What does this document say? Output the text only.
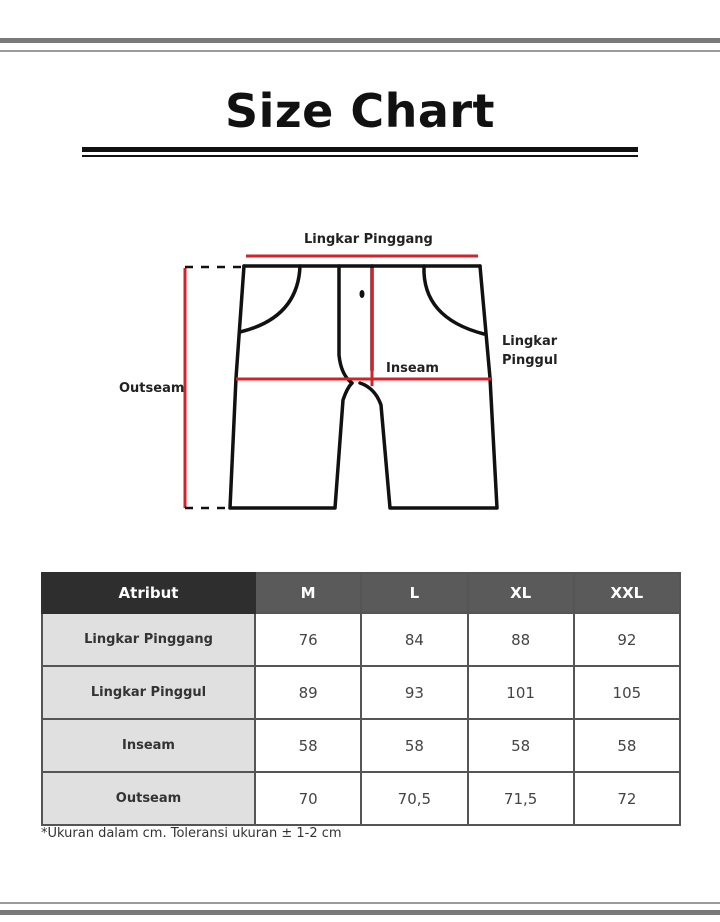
Size Chart
Lingkar Pinggang
Lingkar
Pinggul
Inseam
Outseam
Atribut	M	L	XL	XXL
Lingkar Pinggang	76	84	88	92
Lingkar Pinggul	89	93	101	105
Inseam	58	58	58	58
Outseam	70	70,5	71,5	72
*Ukuran dalam cm. Toleransi ukuran ± 1-2 cm
